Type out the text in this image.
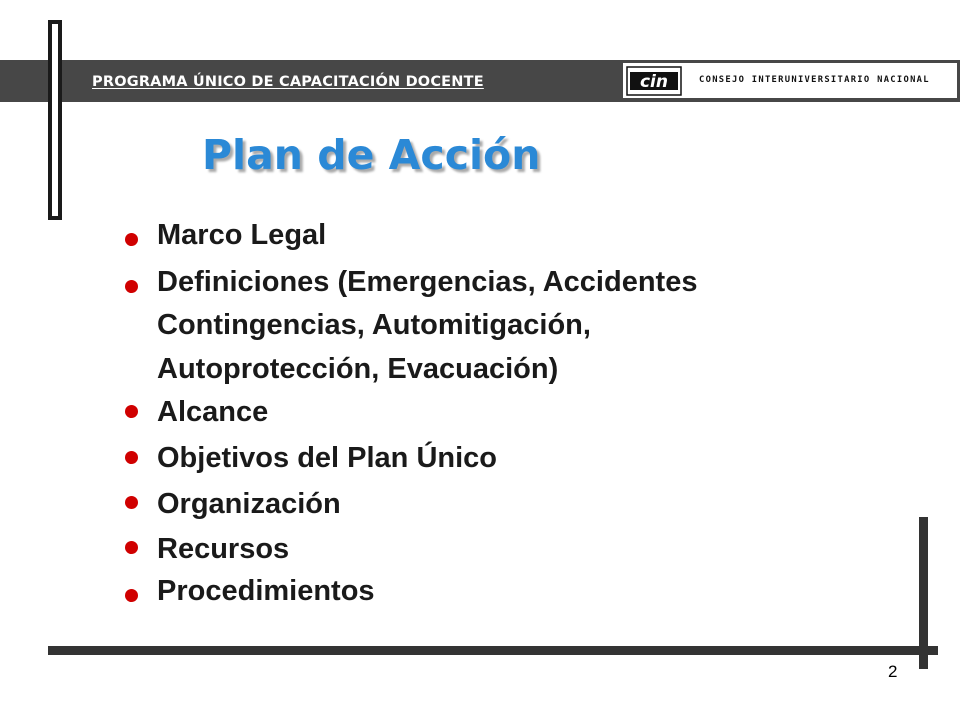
PROGRAMA ÚNICO DE CAPACITACIÓN DOCENTE	cin	CONSEJO INTERUNIVERSITARIO NACIONAL
Plan de Acción
Marco Legal
Definiciones (Emergencias, Accidentes
Contingencias, Automitigación,
Autoprotección, Evacuación)
Alcance
Objetivos del Plan Único
Organización
Recursos
Procedimientos
2
